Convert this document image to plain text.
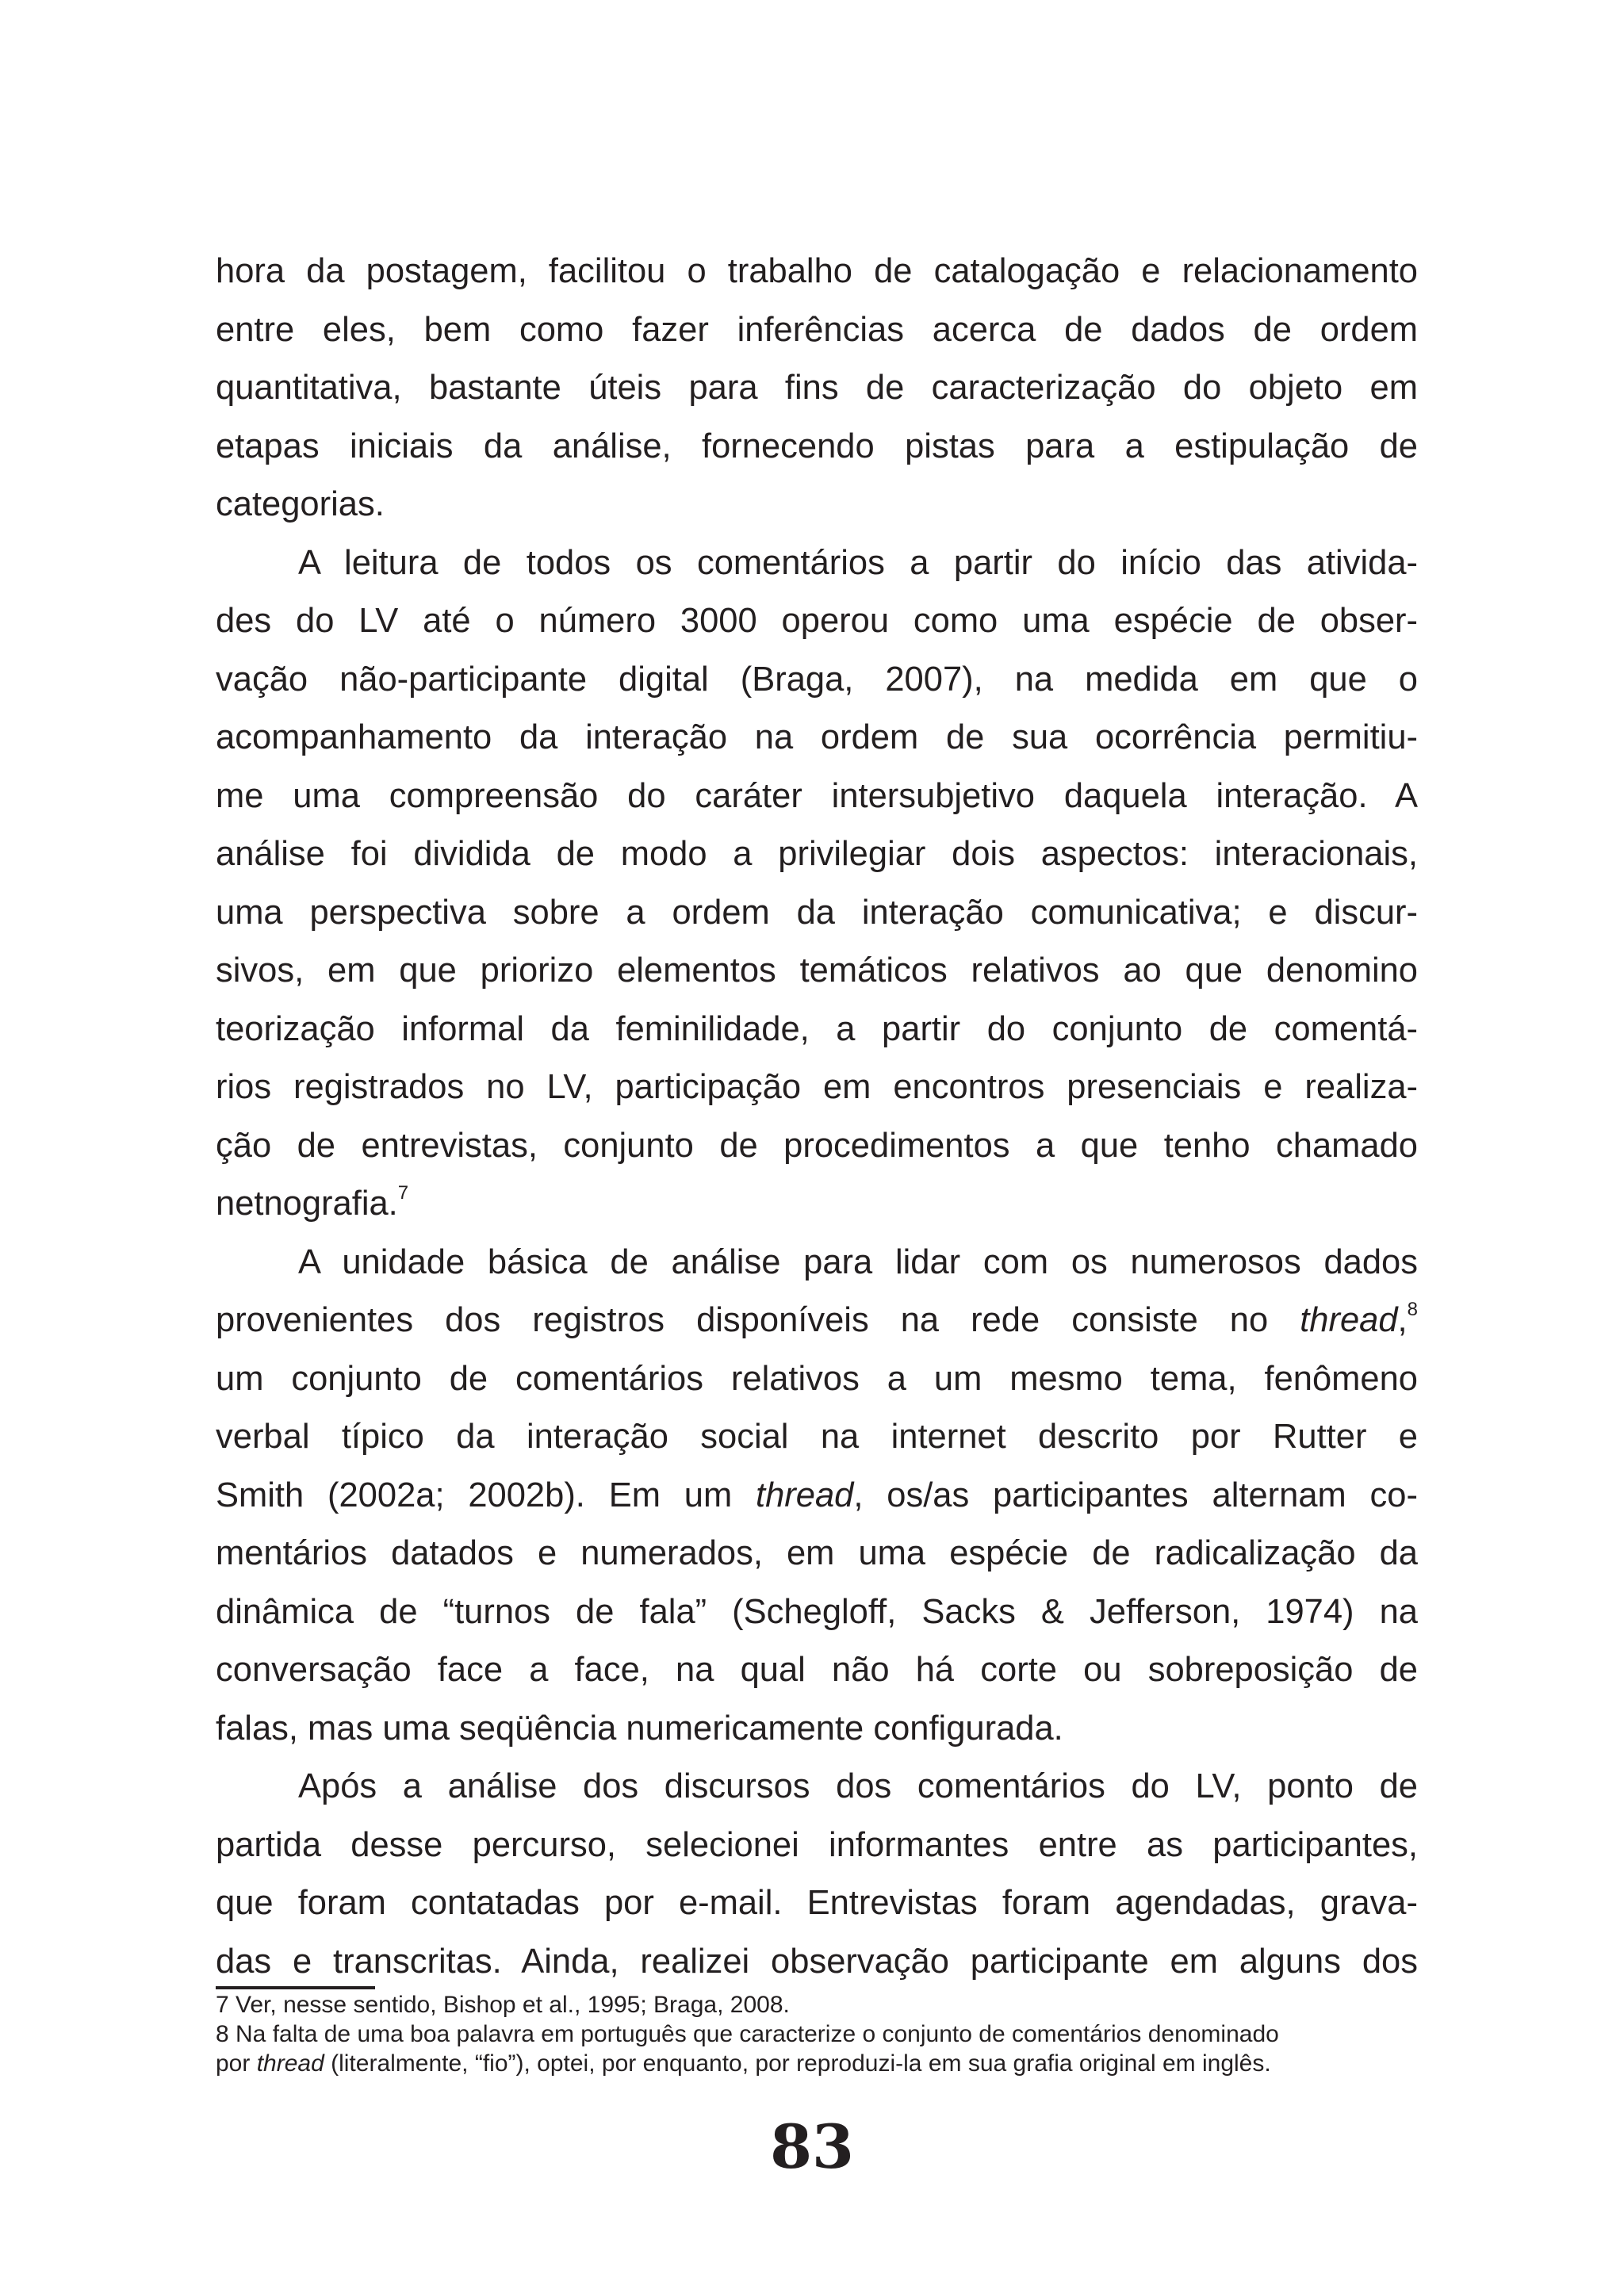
hora da postagem, facilitou o trabalho de catalogação e relacionamento
entre eles, bem como fazer inferências acerca de dados de ordem
quantitativa, bastante úteis para fins de caracterização do objeto em
etapas iniciais da análise, fornecendo pistas para a estipulação de
categorias.
A leitura de todos os comentários a partir do início das ativida-
des do LV até o número 3000 operou como uma espécie de obser-
vação não-participante digital (Braga, 2007), na medida em que o
acompanhamento da interação na ordem de sua ocorrência permitiu-
me uma compreensão do caráter intersubjetivo daquela interação. A
análise foi dividida de modo a privilegiar dois aspectos: interacionais,
uma perspectiva sobre a ordem da interação comunicativa; e discur-
sivos, em que priorizo elementos temáticos relativos ao que denomino
teorização informal da feminilidade, a partir do conjunto de comentá-
rios registrados no LV, participação em encontros presenciais e realiza-
ção de entrevistas, conjunto de procedimentos a que tenho chamado
netnografia.$^7$
A unidade básica de análise para lidar com os numerosos dados
provenientes dos registros disponíveis na rede consiste no thread,$^8$
um conjunto de comentários relativos a um mesmo tema, fenômeno
verbal típico da interação social na internet descrito por Rutter e
Smith (2002a; 2002b). Em um thread, os/as participantes alternam co-
mentários datados e numerados, em uma espécie de radicalização da
dinâmica de “turnos de fala” (Schegloff, Sacks & Jefferson, 1974) na
conversação face a face, na qual não há corte ou sobreposição de
falas, mas uma seqüência numericamente configurada.
Após a análise dos discursos dos comentários do LV, ponto de
partida desse percurso, selecionei informantes entre as participantes,
que foram contatadas por e-mail. Entrevistas foram agendadas, grava-
das e transcritas. Ainda, realizei observação participante em alguns dos
7 Ver, nesse sentido, Bishop et al., 1995; Braga, 2008.
8 Na falta de uma boa palavra em português que caracterize o conjunto de comentários denominado
por thread (literalmente, “fio”), optei, por enquanto, por reproduzi-la em sua grafia original em inglês.
83
